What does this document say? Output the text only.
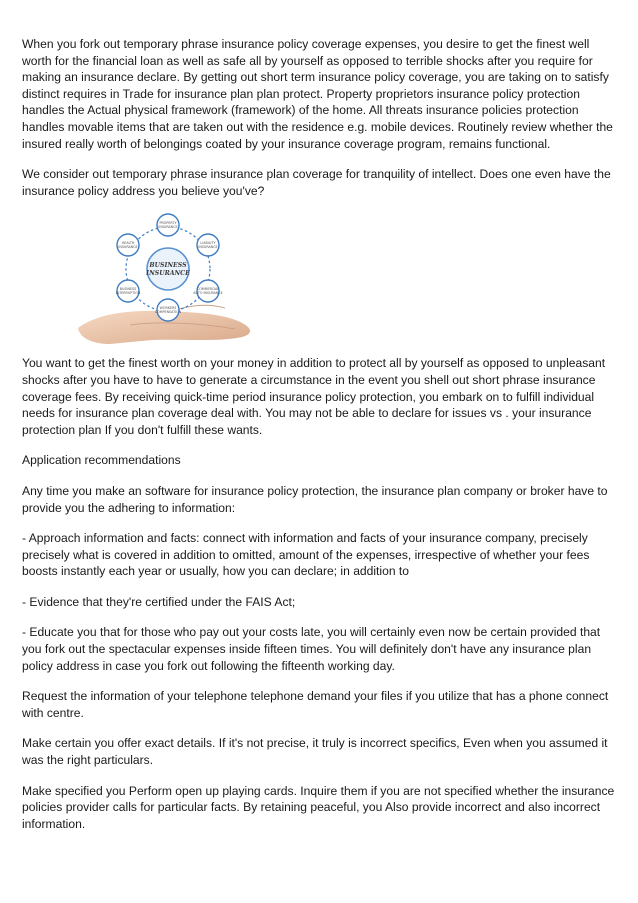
When you fork out temporary phrase insurance policy coverage expenses, you desire to get the finest well worth for the financial loan as well as safe all by yourself as opposed to terrible shocks after you require for making an insurance declare. By getting out short term insurance policy coverage, you are taking on to satisfy distinct requires in Trade for insurance plan plan protect. Property proprietors insurance policy protection handles the Actual physical framework (framework) of the home. All threats insurance policies protection handles movable items that are taken out with the residence e.g. mobile devices. Routinely review whether the insured really worth of belongings coated by your insurance coverage program, remains functional.

We consider out temporary phrase insurance plan coverage for tranquility of intellect. Does one even have the insurance policy address you believe you've?

BUSINESS
INSURANCE
PROPERTY
INSURANCE
LIABILITY
INSURANCE
COMMERCIAL
AUTO INSURANCE
WORKERS
COMPENSATION
BUSINESS
INTERRUPTION
HEALTH
INSURANCE

You want to get the finest worth on your money in addition to protect all by yourself as opposed to unpleasant shocks after you have to have to generate a circumstance in the event you shell out short phrase insurance coverage fees. By receiving quick-time period insurance policy protection, you embark on to fulfill individual needs for insurance plan coverage deal with. You may not be able to declare for issues vs . your insurance protection plan If you don't fulfill these wants.

Application recommendations

Any time you make an software for insurance policy protection, the insurance plan company or broker have to provide you the adhering to information:

- Approach information and facts: connect with information and facts of your insurance company, precisely precisely what is covered in addition to omitted, amount of the expenses, irrespective of whether your fees boosts instantly each year or usually, how you can declare; in addition to

- Evidence that they're certified under the FAIS Act;

- Educate you that for those who pay out your costs late, you will certainly even now be certain provided that you fork out the spectacular expenses inside fifteen times. You will definitely don't have any insurance plan policy address in case you fork out following the fifteenth working day.

Request the information of your telephone telephone demand your files if you utilize that has a phone connect with centre.

Make certain you offer exact details. If it's not precise, it truly is incorrect specifics, Even when you assumed it was the right particulars.

Make specified you Perform open up playing cards. Inquire them if you are not specified whether the insurance policies provider calls for particular facts. By retaining peaceful, you Also provide incorrect and also incorrect information.
